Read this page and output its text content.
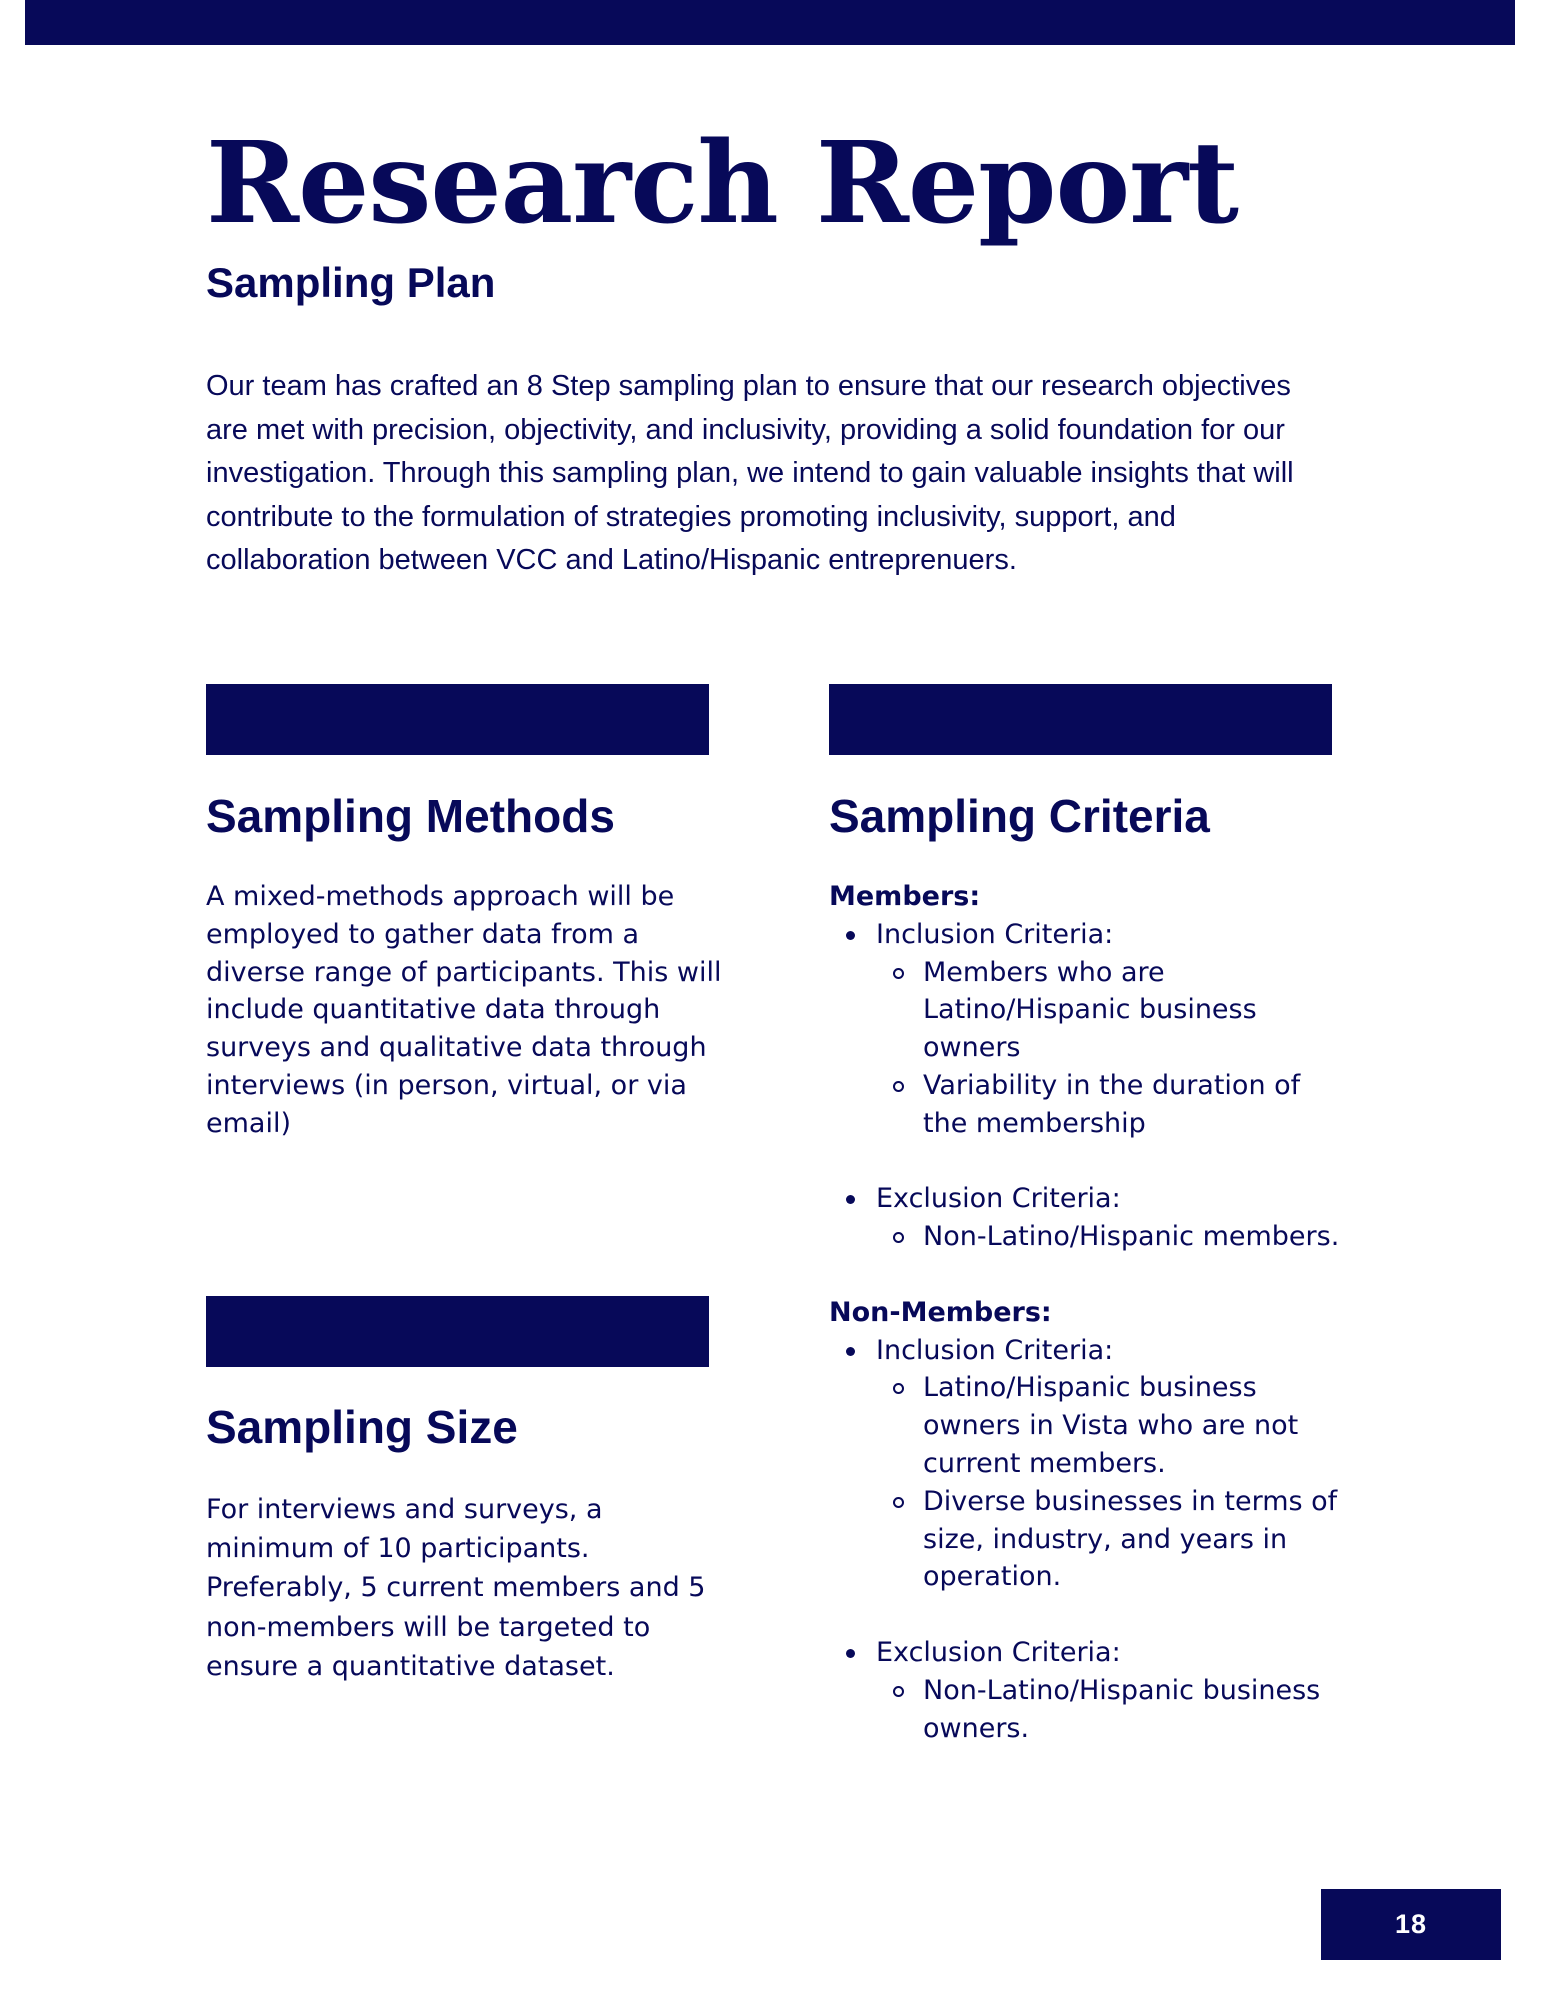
Research Report
Sampling Plan

Our team has crafted an 8 Step sampling plan to ensure that our research objectives are met with precision, objectivity, and inclusivity, providing a solid foundation for our investigation. Through this sampling plan, we intend to gain valuable insights that will contribute to the formulation of strategies promoting inclusivity, support, and collaboration between VCC and Latino/Hispanic entreprenuers.

Sampling Methods

A mixed-methods approach will be employed to gather data from a diverse range of participants. This will include quantitative data through surveys and qualitative data through interviews (in person, virtual, or via email)

Sampling Size

For interviews and surveys, a minimum of 10 participants. Preferably, 5 current members and 5 non-members will be targeted to ensure a quantitative dataset.

Sampling Criteria

Members:

Inclusion Criteria:
Members who are Latino/Hispanic business owners
Variability in the duration of the membership
Exclusion Criteria:
Non-Latino/Hispanic members.

Non-Members:

Inclusion Criteria:
Latino/Hispanic business owners in Vista who are not current members.
Diverse businesses in terms of size, industry, and years in operation.
Exclusion Criteria:
Non-Latino/Hispanic business owners.
18
